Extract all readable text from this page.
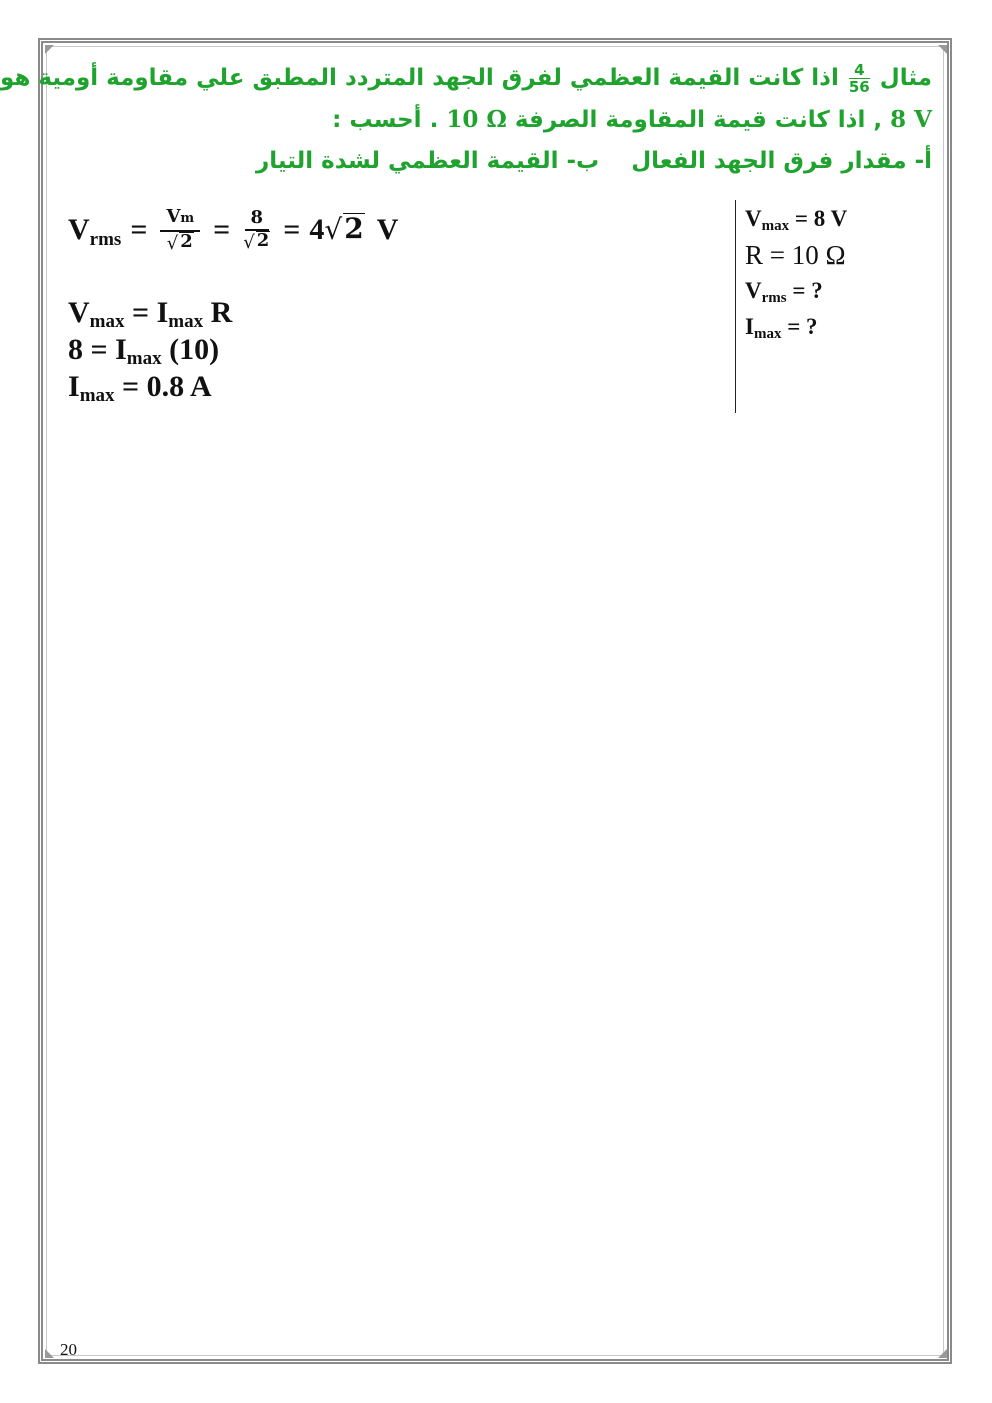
مثال
$\frac{4}{56}$
اذا كانت القيمة العظمي لفرق الجهد المتردد المطبق علي مقاومة أومية هو
8 V , اذا كانت قيمة المقاومة الصرفة 10 Ω . أحسب :
أ- مقدار فرق الجهد الفعال    ب- القيمة العظمي لشدة التيار
$V_{rms} = \frac{Vm}{√ 2} = \frac{8}{√ 2} = 4$ √ 2 V
Vmax = Imax R
8 = Imax (10)
Imax = 0.8 A
Vmax = 8 V
R = 10 Ω
Vrms = ?
Imax = ?
20
